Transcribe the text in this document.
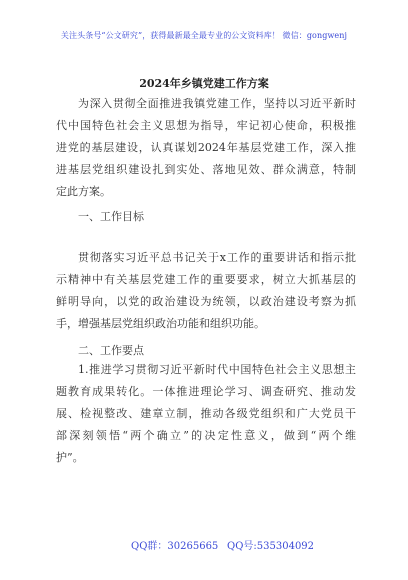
关注头条号“公文研究”，获得最新最全最专业的公文资料库！ 微信：gongwenj
2024年乡镇党建工作方案
为深入贯彻全面推进我镇党建工作，坚持以习近平新时
代中国特色社会主义思想为指导，牢记初心使命，积极推
进党的基层建设，认真谋划2024年基层党建工作，深入推
进基层党组织建设扎到实处、落地见效、群众满意，特制
定此方案。
一、工作目标
贯彻落实习近平总书记关于x工作的重要讲话和指示批
示精神中有关基层党建工作的重要要求，树立大抓基层的
鲜明导向，以党的政治建设为统领，以政治建设考察为抓
手，增强基层党组织政治功能和组织功能。
二、工作要点
1.推进学习贯彻习近平新时代中国特色社会主义思想主
题教育成果转化。一体推进理论学习、调查研究、推动发
展、检视整改、建章立制，推动各级党组织和广大党员干
部深刻领悟“两个确立”的决定性意义，做到“两个维
护”。
QQ群：30265665 QQ号:535304092
